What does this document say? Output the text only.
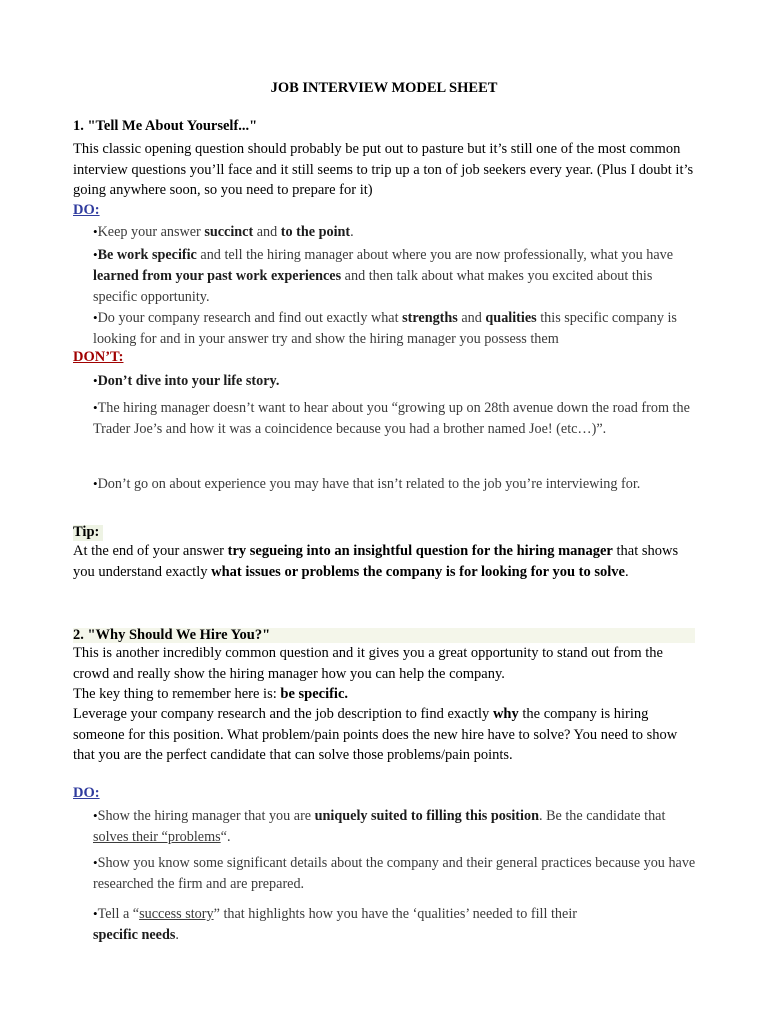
JOB INTERVIEW MODEL SHEET
1. "Tell Me About Yourself..."
This classic opening question should probably be put out to pasture but it’s still one of the most common interview questions you’ll face and it still seems to trip up a ton of job seekers every year. (Plus I doubt it’s going anywhere soon, so you need to prepare for it)
DO:
•Keep your answer succinct and to the point.
•Be work specific and tell the hiring manager about where you are now professionally, what you have learned from your past work experiences and then talk about what makes you excited about this specific opportunity.
•Do your company research and find out exactly what strengths and qualities this specific company is looking for and in your answer try and show the hiring manager you possess them
DON’T:
•Don’t dive into your life story.
•The hiring manager doesn’t want to hear about you “growing up on 28th avenue down the road from the Trader Joe’s and how it was a coincidence because you had a brother named Joe! (etc…)”.
•Don’t go on about experience you may have that isn’t related to the job you’re interviewing for.
Tip:
At the end of your answer try segueing into an insightful question for the hiring manager that shows you understand exactly what issues or problems the company is for looking for you to solve.
2. "Why Should We Hire You?"
This is another incredibly common question and it gives you a great opportunity to stand out from the crowd and really show the hiring manager how you can help the company.
The key thing to remember here is: be specific.
Leverage your company research and the job description to find exactly why the company is hiring someone for this position. What problem/pain points does the new hire have to solve? You need to show that you are the perfect candidate that can solve those problems/pain points.
DO:
•Show the hiring manager that you are uniquely suited to filling this position. Be the candidate that solves their “problems“.
•Show you know some significant details about the company and their general practices because you have researched the firm and are prepared.
•Tell a “success story” that highlights how you have the ‘qualities’ needed to fill their specific needs.
